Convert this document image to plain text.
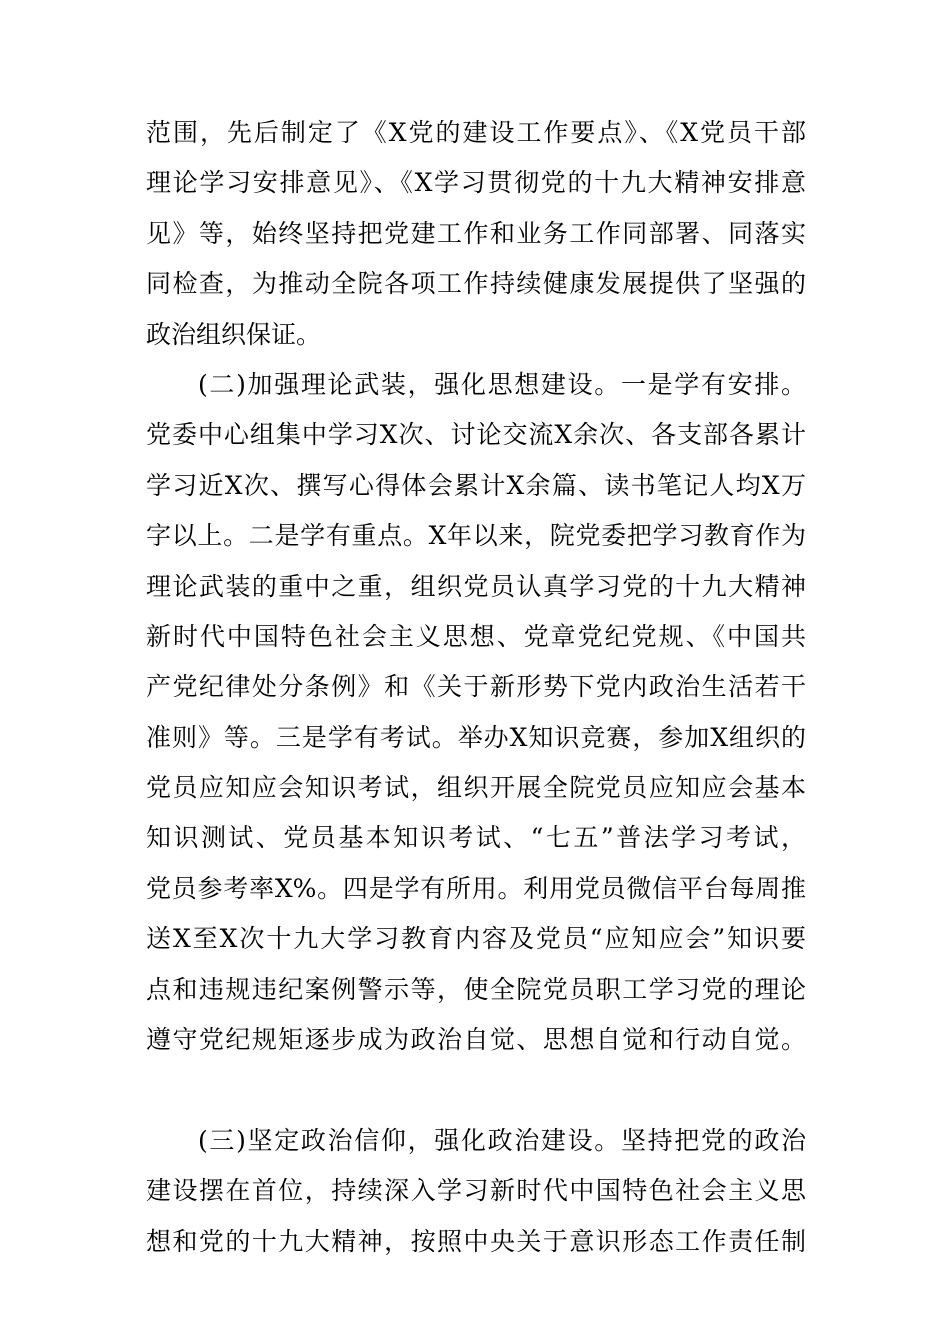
范围，先后制定了《X党的建设工作要点》、《X党员干部
理论学习安排意见》、《X学习贯彻党的十九大精神安排意
见》等，始终坚持把党建工作和业务工作同部署、同落实
同检查，为推动全院各项工作持续健康发展提供了坚强的
政治组织保证。
(二)加强理论武装，强化思想建设。一是学有安排。
党委中心组集中学习X次、讨论交流X余次、各支部各累计
学习近X次、撰写心得体会累计X余篇、读书笔记人均X万
字以上。二是学有重点。X年以来，院党委把学习教育作为
理论武装的重中之重，组织党员认真学习党的十九大精神
新时代中国特色社会主义思想、党章党纪党规、《中国共
产党纪律处分条例》和《关于新形势下党内政治生活若干
准则》等。三是学有考试。举办X知识竞赛，参加X组织的
党员应知应会知识考试，组织开展全院党员应知应会基本
知识测试、党员基本知识考试、“七五”普法学习考试，
党员参考率X%。四是学有所用。利用党员微信平台每周推
送X至X次十九大学习教育内容及党员“应知应会”知识要
点和违规违纪案例警示等，使全院党员职工学习党的理论
遵守党纪规矩逐步成为政治自觉、思想自觉和行动自觉。
(三)坚定政治信仰，强化政治建设。坚持把党的政治
建设摆在首位，持续深入学习新时代中国特色社会主义思
想和党的十九大精神，按照中央关于意识形态工作责任制
